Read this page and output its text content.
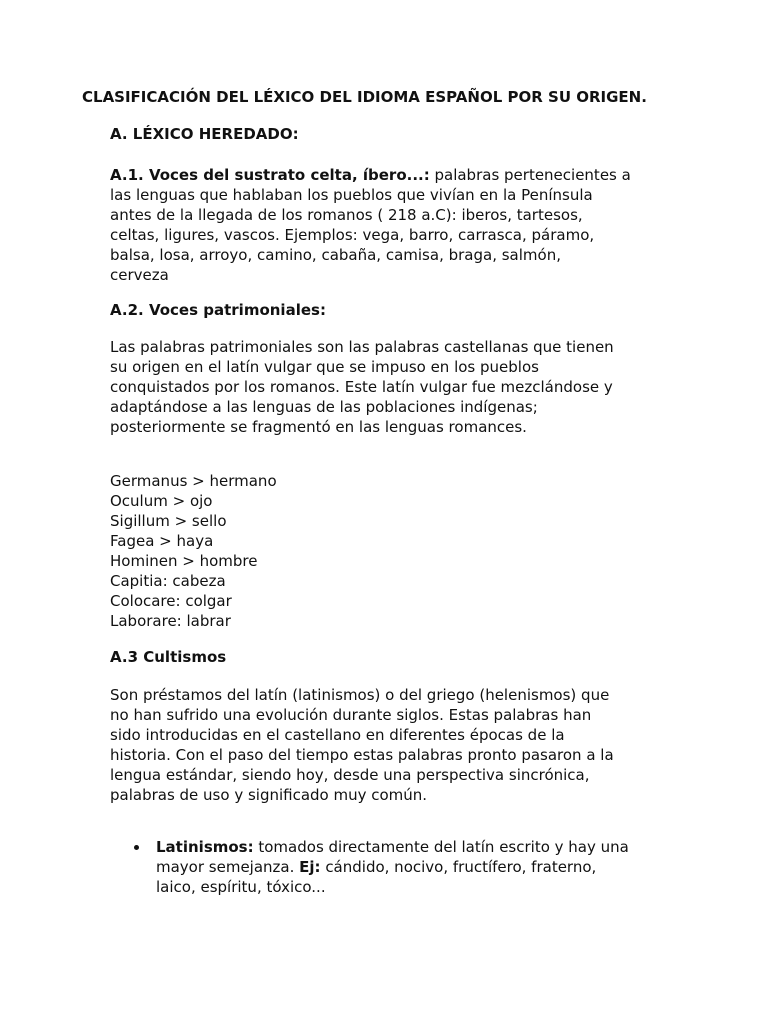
CLASIFICACIÓN DEL LÉXICO DEL IDIOMA ESPAÑOL POR SU ORIGEN.
A. LÉXICO HEREDADO:
A.1. Voces del sustrato celta, íbero...: palabras pertenecientes a
las lenguas que hablaban los pueblos que vivían en la Península
antes de la llegada de los romanos ( 218 a.C): iberos, tartesos,
celtas, ligures, vascos. Ejemplos: vega, barro, carrasca, páramo,
balsa, losa, arroyo, camino, cabaña, camisa, braga, salmón,
cerveza
A.2. Voces patrimoniales:
Las palabras patrimoniales son las palabras castellanas que tienen
su origen en el latín vulgar que se impuso en los pueblos
conquistados por los romanos. Este latín vulgar fue mezclándose y
adaptándose a las lenguas de las poblaciones indígenas;
posteriormente se fragmentó en las lenguas romances.
Germanus > hermano
Oculum > ojo
Sigillum > sello
Fagea > haya
Hominen > hombre
Capitia: cabeza
Colocare: colgar
Laborare: labrar
A.3 Cultismos
Son préstamos del latín (latinismos) o del griego (helenismos) que
no han sufrido una evolución durante siglos. Estas palabras han
sido introducidas en el castellano en diferentes épocas de la
historia. Con el paso del tiempo estas palabras pronto pasaron a la
lengua estándar, siendo hoy, desde una perspectiva sincrónica,
palabras de uso y significado muy común.
Latinismos: tomados directamente del latín escrito y hay una
mayor semejanza. Ej: cándido, nocivo, fructífero, fraterno,
laico, espíritu, tóxico...
